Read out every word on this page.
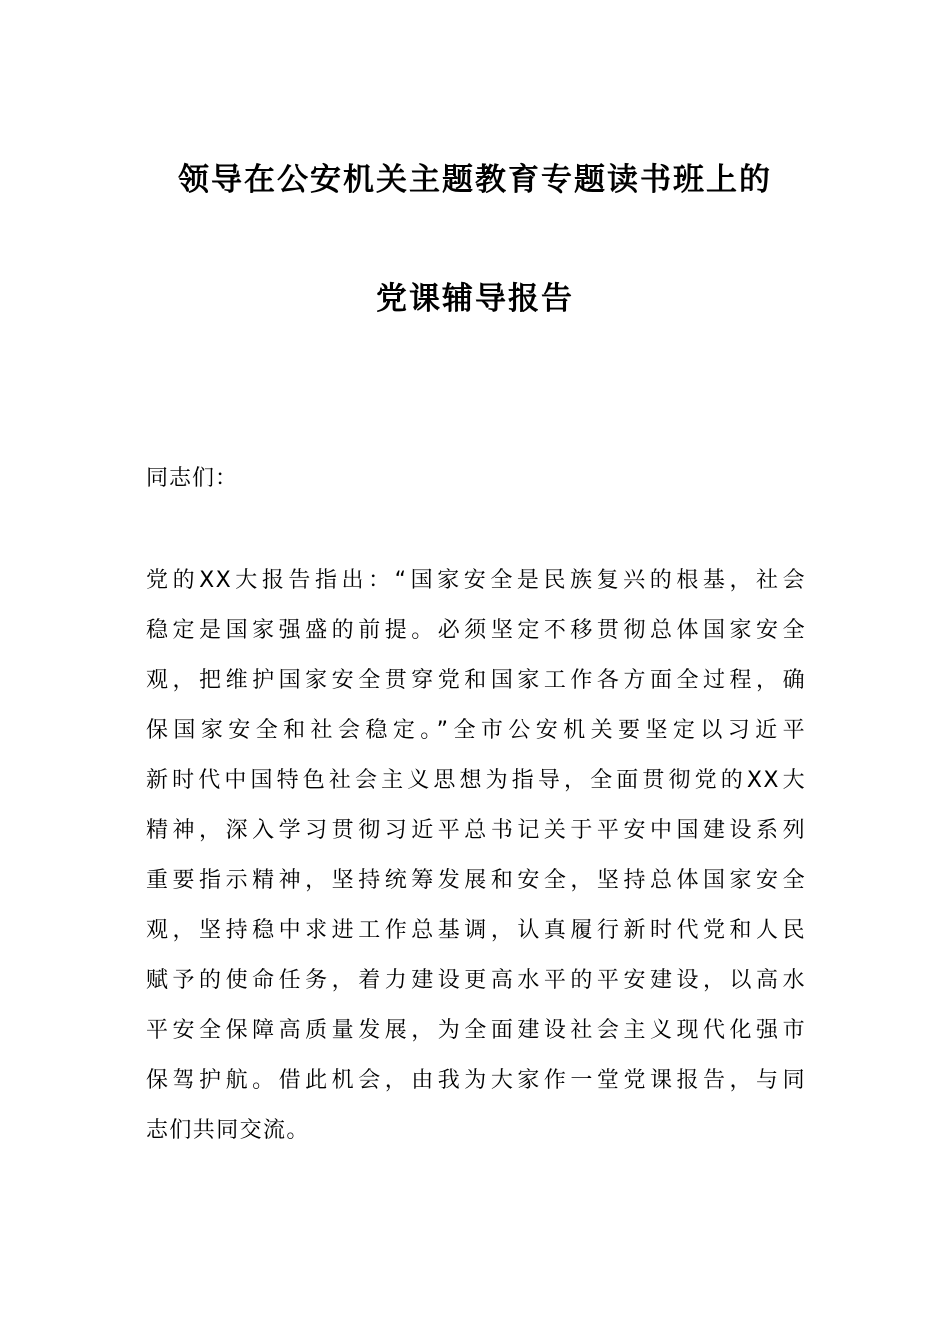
领导在公安机关主题教育专题读书班上的
党课辅导报告
同志们：
党的XX大报告指出：“国家安全是民族复兴的根基，社会
稳定是国家强盛的前提。必须坚定不移贯彻总体国家安全
观，把维护国家安全贯穿党和国家工作各方面全过程，确
保国家安全和社会稳定。”全市公安机关要坚定以习近平
新时代中国特色社会主义思想为指导，全面贯彻党的XX大
精神，深入学习贯彻习近平总书记关于平安中国建设系列
重要指示精神，坚持统筹发展和安全，坚持总体国家安全
观，坚持稳中求进工作总基调，认真履行新时代党和人民
赋予的使命任务，着力建设更高水平的平安建设，以高水
平安全保障高质量发展，为全面建设社会主义现代化强市
保驾护航。借此机会，由我为大家作一堂党课报告，与同
志们共同交流。
